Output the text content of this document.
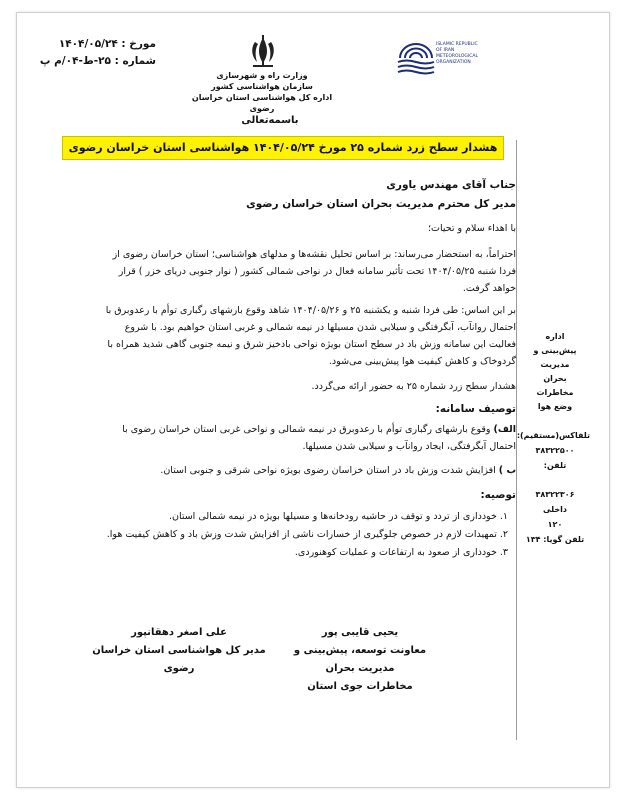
مورخ : ۱۴۰۴/۰۵/۲۴
شماره : ۲۵-ط-۰۴/م پ
وزارت راه و شهرسازی
سازمان هواشناسی کشور
اداره کل هواشناسی استان خراسان رضوی
ISLAMIC REPUBLIC
OF IRAN
METEOROLOGICAL
ORGANIZATION
باسمه‌تعالی
هشدار سطح زرد شماره ۲۵ مورخ ۱۴۰۴/۰۵/۲۴ هواشناسی استان خراسان رضوی

جناب آقای مهندس یاوری

مدیر کل محترم مدیریت بحران استان خراسان رضوی

با اهداء سلام و تحیات؛
احتراماً، به استحضار می‌رساند: بر اساس تحلیل نقشه‌ها و مدلهای هواشناسی؛ استان خراسان رضوی از فردا شنبه ۱۴۰۴/۰۵/۲۵ تحت تأثیر سامانه فعال در نواحی شمالی کشور ( نوار جنوبی دریای خزر ) قرار خواهد گرفت.
بر این اساس: طی فردا شنبه و یکشنبه ۲۵ و ۱۴۰۴/۰۵/۲۶ شاهد وقوع بارشهای رگباری توأم با رعدوبرق با احتمال روانآب، آبگرفتگی و سیلابی شدن مسیلها در نیمه شمالی و غربی استان خواهیم بود. با شروع فعالیت این سامانه وزش باد در سطح استان بویژه نواحی بادخیز شرق و نیمه جنوبی گاهی شدید همراه با گردوخاک و کاهش کیفیت هوا پیش‌بینی می‌شود.
هشدار سطح زرد شماره ۲۵ به حضور ارائه می‌گردد.
توصیف سامانه:
الف) وقوع بارشهای رگباری توأم با رعدوبرق در نیمه شمالی و نواحی غربی استان خراسان رضوی با احتمال آبگرفتگی، ایجاد روانآب و سیلابی شدن مسیلها.
ب ) افزایش شدت وزش باد در استان خراسان رضوی بویژه نواحی شرقی و جنوبی استان.
توصیه:

۱. خودداری از تردد و توقف در حاشیه رودخانه‌ها و مسیلها بویژه در نیمه شمالی استان.

۲. تمهیدات لازم در خصوص جلوگیری از خسارات ناشی از افزایش شدت وزش باد و کاهش کیفیت هوا.

۳. خودداری از صعود به ارتفاعات و عملیات کوهنوردی.

اداره
پیش‌بینی و
مدیریت
بحران
مخاطرات
وضع هوا
تلفاکس(مستقیم):
۳۸۳۲۲۵۰۰
تلفن:
۳۸۳۲۲۳۰۶
داخلی
۱۲۰
تلفن گویا: ۱۳۴
یحیی قایبی پور
معاونت توسعه، پیش‌بینی و مدیریت بحران
مخاطرات جوی استان
علی اصغر دهقانپور
مدیر کل هواشناسی استان خراسان رضوی
